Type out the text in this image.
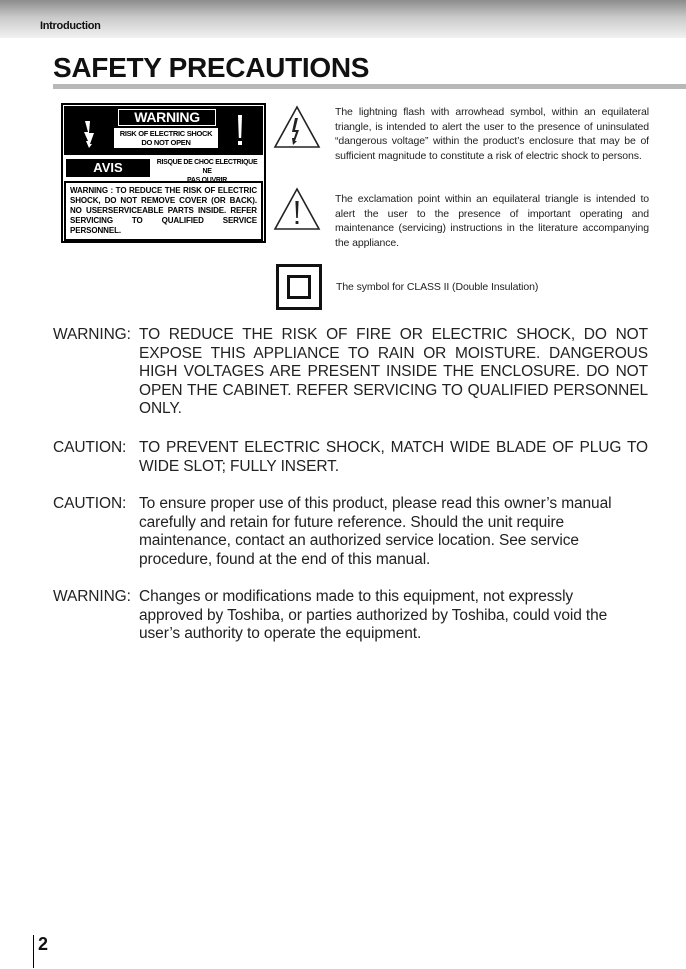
Introduction
SAFETY PRECAUTIONS
WARNING
RISK OF ELECTRIC SHOCK
DO NOT OPEN
AVIS	RISQUE DE CHOC ELECTRIQUE NE
WARNING : TO REDUCE THE RISK OF ELECTRIC SHOCK, DO NOT REMOVE COVER (OR BACK). NO USERSERVICEABLE PARTS INSIDE. REFER SERVICING TO QUALIFIED SERVICE PERSONNEL.
The lightning flash with arrowhead symbol, within an equilateral triangle, is intended to alert the user to the presence of uninsulated “dangerous voltage” within the product’s enclosure that may be of sufficient magnitude to constitute a risk of electric shock to persons.
The exclamation point within an equilateral triangle is intended to alert the user to the presence of important operating and maintenance (servicing) instructions in the literature accompanying the appliance.
The symbol for CLASS II (Double Insulation)
WARNING: TO REDUCE THE RISK OF FIRE OR ELECTRIC SHOCK, DO NOT EXPOSE THIS APPLIANCE TO RAIN OR MOISTURE. DANGEROUS HIGH VOLTAGES ARE PRESENT INSIDE THE ENCLOSURE. DO NOT OPEN THE CABINET. REFER SERVICING TO QUALIFIED PERSONNEL ONLY.
CAUTION: TO PREVENT ELECTRIC SHOCK, MATCH WIDE BLADE OF PLUG TO WIDE SLOT; FULLY INSERT.
CAUTION: To ensure proper use of this product, please read this owner’s manual carefully and retain for future reference. Should the unit require maintenance, contact an authorized service location. See service procedure, found at the end of this manual.
WARNING: Changes or modifications made to this equipment, not expressly approved by Toshiba, or parties authorized by Toshiba, could void the user’s authority to operate the equipment.
2
